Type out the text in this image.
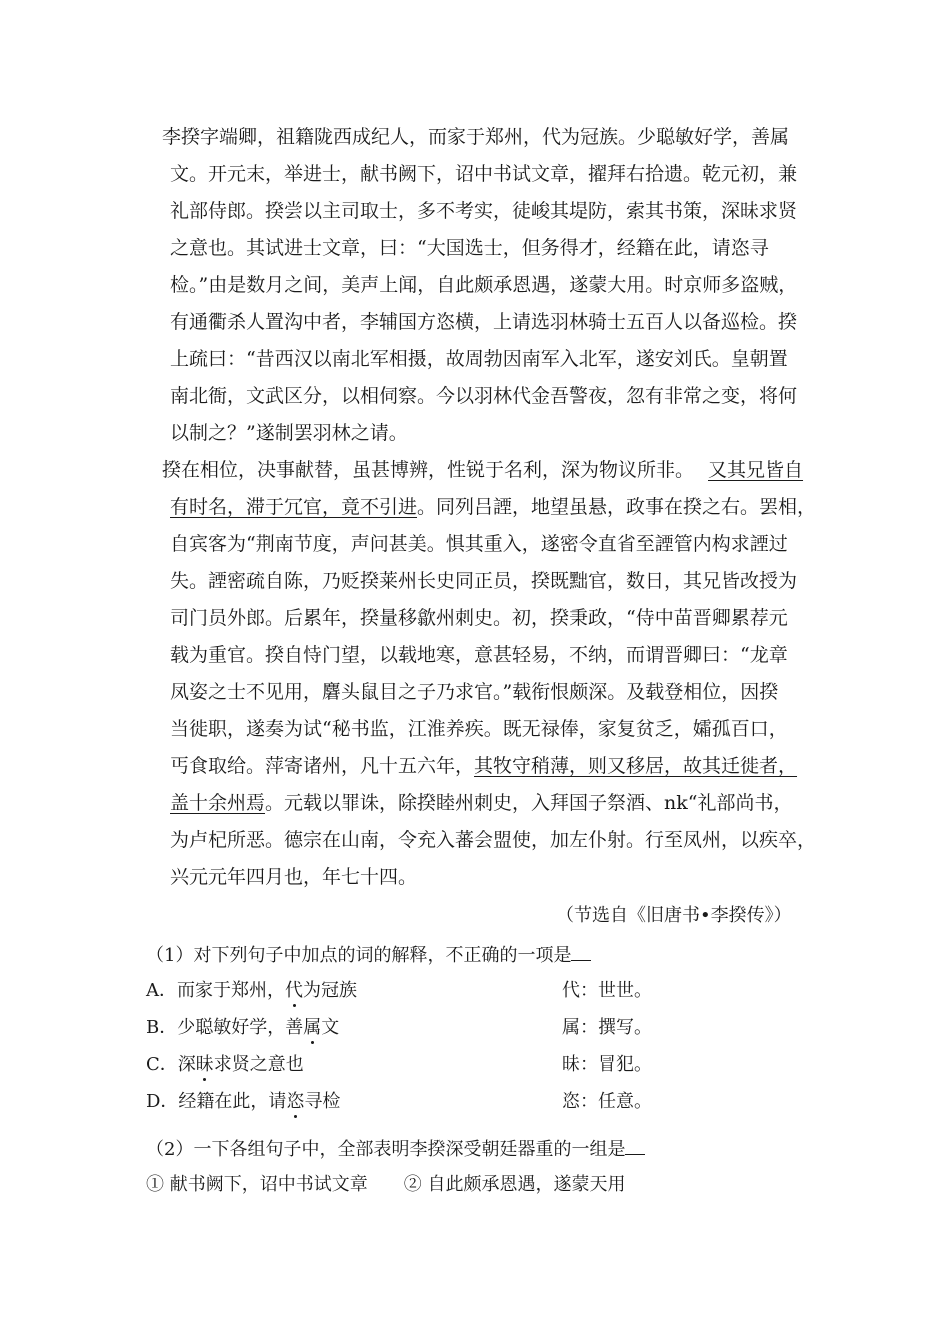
李揆字端卿，祖籍陇西成纪人，而家于郑州，代为冠族。少聪敏好学，善属
文。开元末，举进士，献书阙下，诏中书试文章，擢拜右拾遗。乾元初，兼
礼部侍郎。揆尝以主司取士，多不考实，徒峻其堤防，索其书策，深昧求贤
之意也。其试进士文章，曰：“大国选士，但务得才，经籍在此，请恣寻
检。”由是数月之间，美声上闻，自此颇承恩遇，遂蒙大用。时京师多盗贼，
有通衢杀人置沟中者，李辅国方恣横，上请选羽林骑士五百人以备巡检。揆
上疏曰：“昔西汉以南北军相摄，故周勃因南军入北军，遂安刘氏。皇朝置
南北衙，文武区分，以相伺察。今以羽林代金吾警夜，忽有非常之变，将何
以制之？”遂制罢羽林之请。
揆在相位，决事献替，虽甚博辨，性锐于名利，深为物议所非。 又其兄皆自
有时名，滞于冗官，竟不引进。同列吕諲，地望虽悬，政事在揆之右。罢相，
自宾客为“荆南节度，声问甚美。惧其重入，遂密令直省至諲管内构求諲过
失。諲密疏自陈，乃贬揆莱州长史同正员，揆既黜官，数日，其兄皆改授为
司门员外郎。后累年，揆量移歙州刺史。初，揆秉政，“侍中苗晋卿累荐元
载为重官。揆自恃门望，以载地寒，意甚轻易，不纳，而谓晋卿曰：“龙章
凤姿之士不见用，麏头鼠目之子乃求官。”载衔恨颇深。及载登相位，因揆
当徙职，遂奏为试“秘书监，江淮养疾。既无禄俸，家复贫乏，孀孤百口，
丐食取给。萍寄诸州，凡十五六年，其牧守稍薄，则又移居，故其迁徙者，
盖十余州焉。元载以罪诛，除揆睦州刺史，入拜国子祭酒、nk“礼部尚书，
为卢杞所恶。德宗在山南，令充入蕃会盟使，加左仆射。行至凤州，以疾卒，
兴元元年四月也，年七十四。
（节选自《旧唐书•李揆传》）
（1）对下列句子中加点的词的解释，不正确的一项是
A．而家于郑州，代为冠族	代：世世。
B．少聪敏好学，善属文	属：撰写。
C．深昧求贤之意也	昧：冒犯。
D．经籍在此，请恣寻检	恣：任意。
（2）一下各组句子中，全部表明李揆深受朝廷器重的一组是
① 献书阙下，诏中书试文章　　② 自此颇承恩遇，遂蒙天用
